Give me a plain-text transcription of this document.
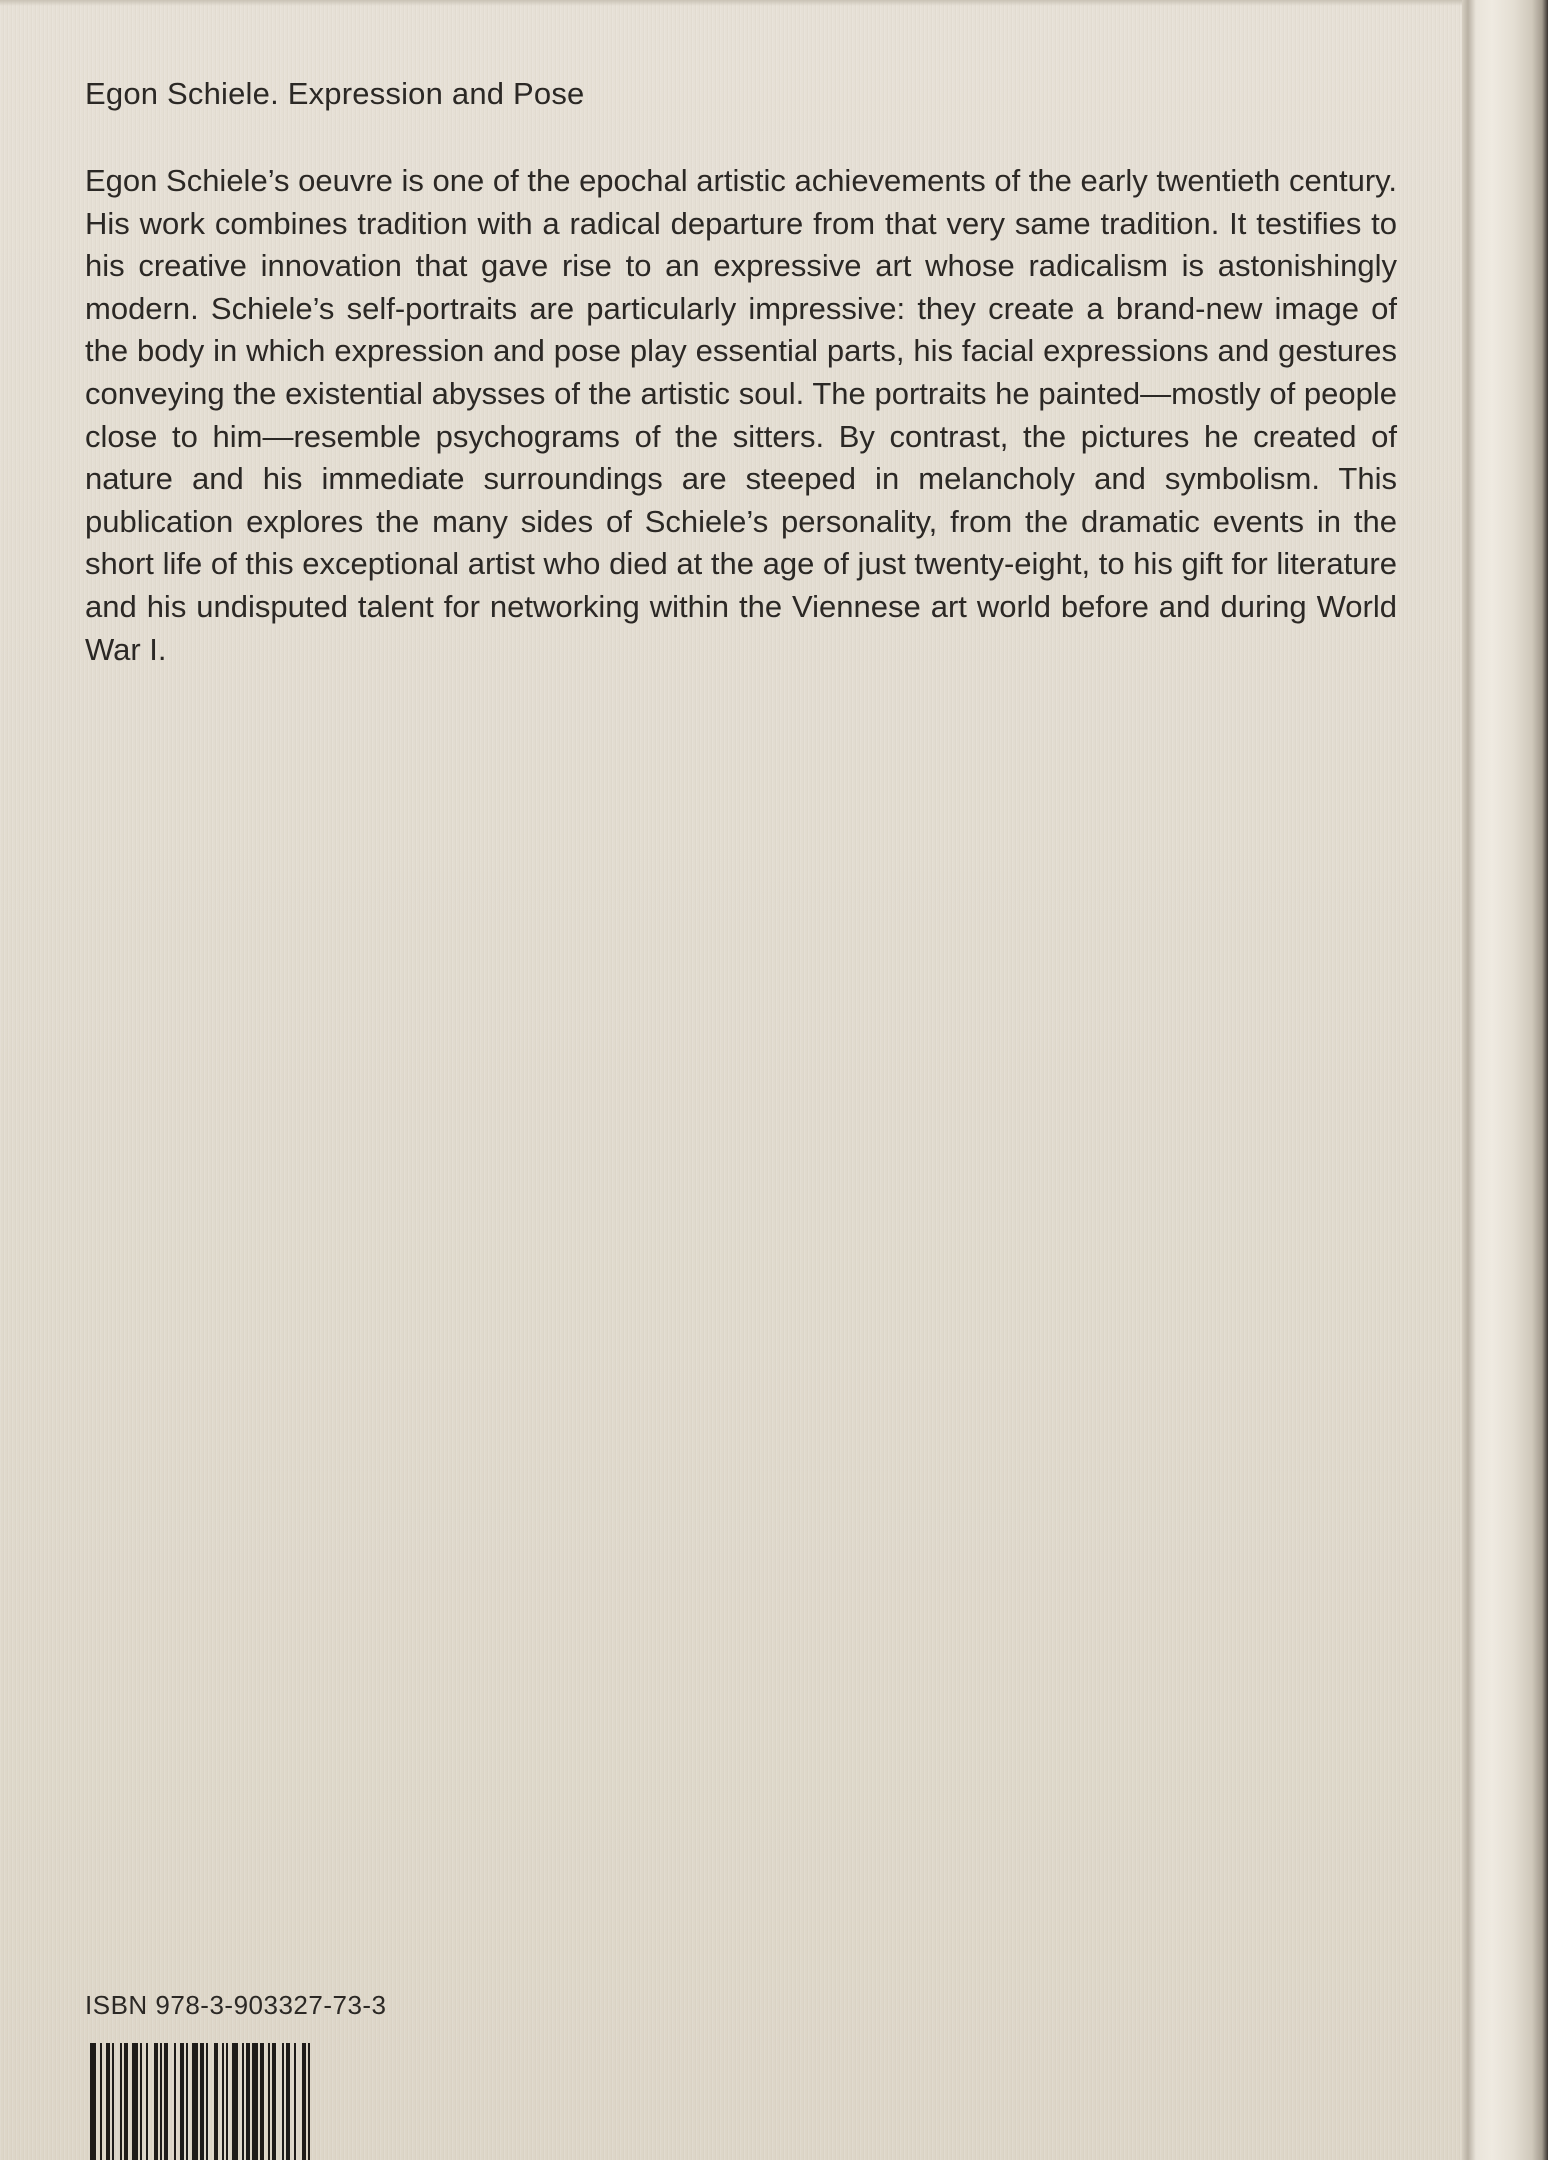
Egon Schiele. Expression and Pose

Egon Schiele’s oeuvre is one of the epochal artistic achievements of the early twentieth century. His work combines tradition with a radical departure from that very same tradition. It testifies to his creative innovation that gave rise to an expressive art whose radicalism is astonishingly modern. Schiele’s self-portraits are particularly impressive: they create a brand-new image of the body in which expression and pose play essential parts, his facial expressions and gestures conveying the existential abysses of the artistic soul. The portraits he painted—mostly of people close to him—resemble psychograms of the sitters. By contrast, the pictures he created of nature and his immediate surroundings are steeped in melancholy and symbolism. This publication explores the many sides of Schiele’s personality, from the dramatic events in the short life of this exceptional artist who died at the age of just twenty-eight, to his gift for literature and his undisputed talent for networking within the Viennese art world before and during World War I.

ISBN 978-3-903327-73-3
